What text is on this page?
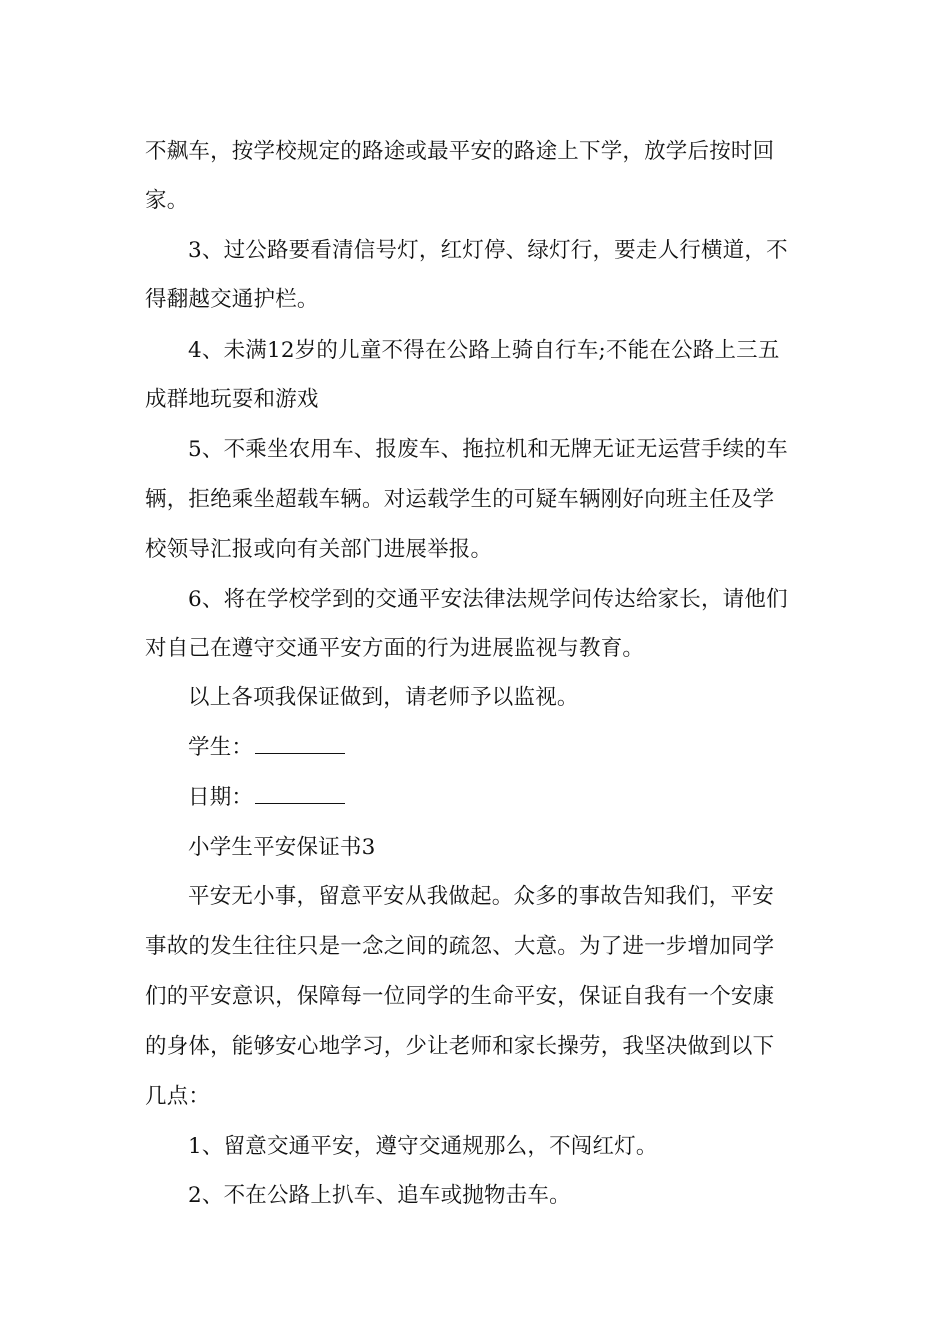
不飙车，按学校规定的路途或最平安的路途上下学，放学后按时回
家。
3、过公路要看清信号灯，红灯停、绿灯行，要走人行横道，不
得翻越交通护栏。
4、未满12岁的儿童不得在公路上骑自行车;不能在公路上三五
成群地玩耍和游戏
5、不乘坐农用车、报废车、拖拉机和无牌无证无运营手续的车
辆，拒绝乘坐超载车辆。对运载学生的可疑车辆刚好向班主任及学
校领导汇报或向有关部门进展举报。
6、将在学校学到的交通平安法律法规学问传达给家长，请他们
对自己在遵守交通平安方面的行为进展监视与教育。
以上各项我保证做到，请老师予以监视。
学生：
日期：
小学生平安保证书3
平安无小事，留意平安从我做起。众多的事故告知我们，平安
事故的发生往往只是一念之间的疏忽、大意。为了进一步增加同学
们的平安意识，保障每一位同学的生命平安，保证自我有一个安康
的身体，能够安心地学习，少让老师和家长操劳，我坚决做到以下
几点：
1、留意交通平安，遵守交通规那么，不闯红灯。
2、不在公路上扒车、追车或抛物击车。
